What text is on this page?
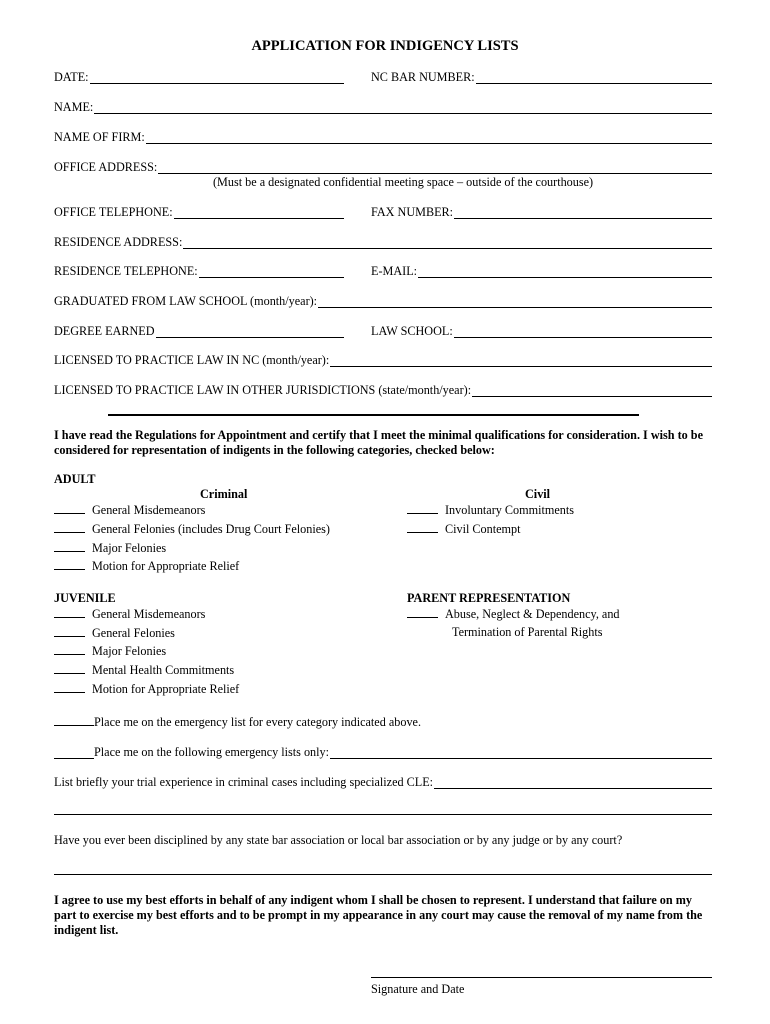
APPLICATION FOR INDIGENCY LISTS
DATE:	NC BAR NUMBER:
NAME:
NAME OF FIRM:
OFFICE ADDRESS:
(Must be a designated confidential meeting space – outside of the courthouse)
OFFICE TELEPHONE:	FAX NUMBER:
RESIDENCE ADDRESS:
RESIDENCE TELEPHONE:	E-MAIL:
GRADUATED FROM LAW SCHOOL (month/year):
DEGREE EARNED	LAW SCHOOL:
LICENSED TO PRACTICE LAW IN NC (month/year):
LICENSED TO PRACTICE LAW IN OTHER JURISDICTIONS (state/month/year):
I have read the Regulations for Appointment and certify that I meet the minimal qualifications for consideration. I wish to be considered for representation of indigents in the following categories, checked below:
ADULT
Criminal	Civil
General Misdemeanors
General Felonies (includes Drug Court Felonies)
Major Felonies
Motion for Appropriate Relief
Involuntary Commitments
Civil Contempt
JUVENILE
General Misdemeanors
General Felonies
Major Felonies
Mental Health Commitments
Motion for Appropriate Relief
PARENT REPRESENTATION
Abuse, Neglect & Dependency, and
Termination of Parental Rights
Place me on the emergency list for every category indicated above.
Place me on the following emergency lists only:
List briefly your trial experience in criminal cases including specialized CLE:
Have you ever been disciplined by any state bar association or local bar association or by any judge or by any court?
I agree to use my best efforts in behalf of any indigent whom I shall be chosen to represent. I understand that failure on my part to exercise my best efforts and to be prompt in my appearance in any court may cause the removal of my name from the indigent list.
Signature and Date
